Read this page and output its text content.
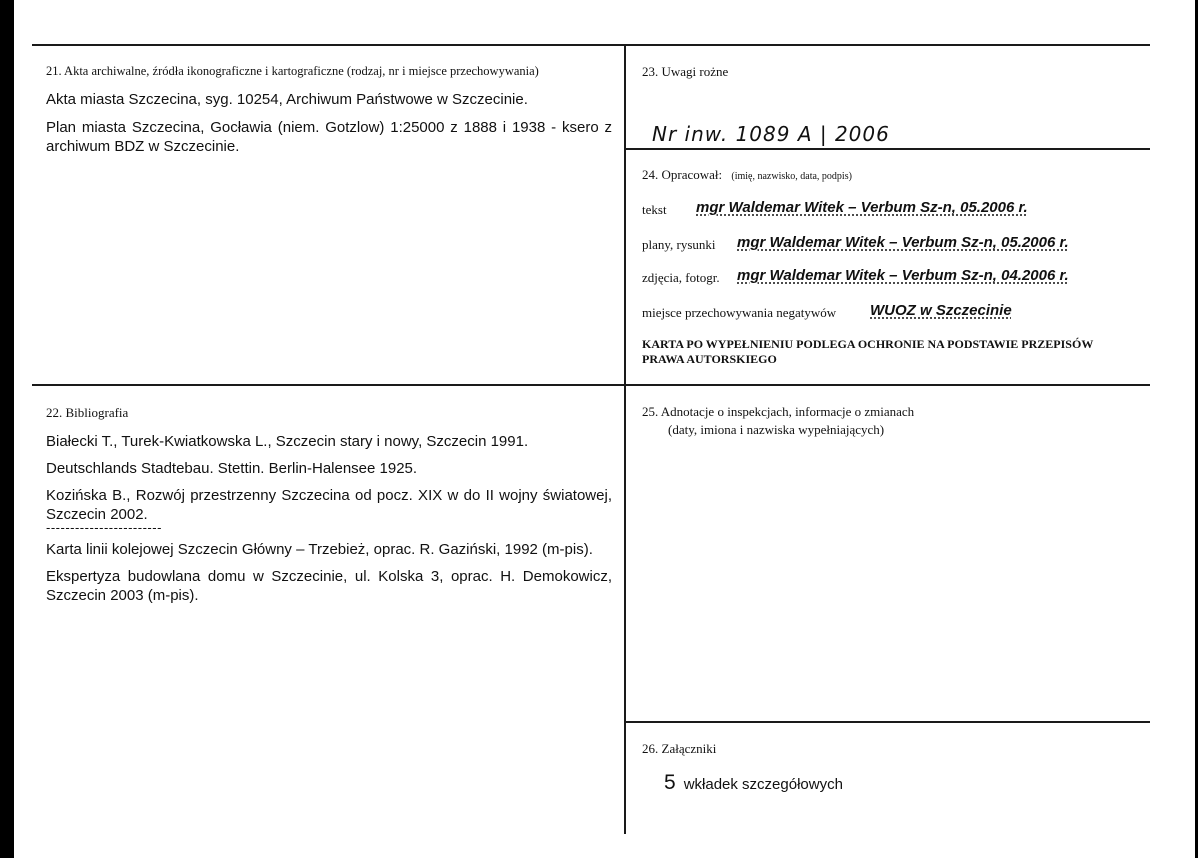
21. Akta archiwalne, źródła ikonograficzne i kartograficzne (rodzaj, nr i miejsce przechowywania)
Akta miasta Szczecina, syg. 10254, Archiwum Państwowe w Szczecinie.
Plan miasta Szczecina, Gocławia (niem. Gotzlow) 1:25000 z 1888 i 1938 - ksero z archiwum BDZ w Szczecinie.
22. Bibliografia
Białecki T., Turek-Kwiatkowska L., Szczecin stary i nowy, Szczecin 1991.
Deutschlands Stadtebau. Stettin. Berlin-Halensee 1925.
Kozińska B., Rozwój przestrzenny Szczecina od pocz. XIX w do II wojny światowej, Szczecin 2002.
------------------------
Karta linii kolejowej Szczecin Główny – Trzebież, oprac. R. Gaziński, 1992 (m-pis).
Ekspertyza budowlana domu w Szczecinie, ul. Kolska 3, oprac. H. Demokowicz, Szczecin 2003 (m-pis).
23. Uwagi rożne
Nr inw. 1089 A | 2006
24. Opracował: (imię, nazwisko, data, podpis)
tekst mgr Waldemar Witek – Verbum Sz-n, 05.2006 r.
plany, rysunki mgr Waldemar Witek – Verbum Sz-n, 05.2006 r.
zdjęcia, fotogr. mgr Waldemar Witek – Verbum Sz-n, 04.2006 r.
miejsce przechowywania negatywów WUOZ w Szczecinie
KARTA PO WYPEŁNIENIU PODLEGA OCHRONIE NA PODSTAWIE PRZEPISÓW PRAWA AUTORSKIEGO
25. Adnotacje o inspekcjach, informacje o zmianach
(daty, imiona i nazwiska wypełniających)
26. Załączniki
5 wkładek szczegółowych
